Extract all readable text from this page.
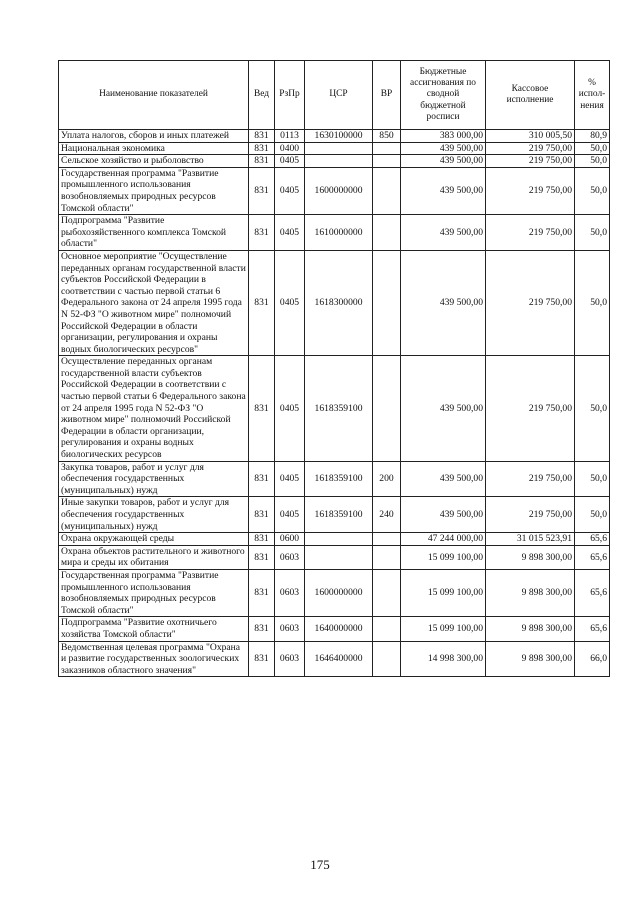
Наименование показателей	Вед	РзПр	ЦСР	ВР	Бюджетные ассигнования по сводной бюджетной росписи	Кассовое исполнение	% испол-нения
Уплата налогов, сборов и иных платежей	831	0113	1630100000	850	383 000,00	310 005,50	80,9
Национальная экономика	831	0400			439 500,00	219 750,00	50,0
Сельское хозяйство и рыболовство	831	0405			439 500,00	219 750,00	50,0
Государственная программа "Развитие промышленного использования возобновляемых природных ресурсов Томской области"	831	0405	1600000000		439 500,00	219 750,00	50,0
Подпрограмма "Развитие рыбохозяйственного комплекса Томской области"	831	0405	1610000000		439 500,00	219 750,00	50,0
Основное мероприятие "Осуществление переданных органам государственной власти субъектов Российской Федерации в соответствии с частью первой статьи 6 Федерального закона от 24 апреля 1995 года N 52-ФЗ "О животном мире" полномочий Российской Федерации в области организации, регулирования и охраны водных биологических ресурсов"	831	0405	1618300000		439 500,00	219 750,00	50,0
Осуществление переданных органам государственной власти субъектов Российской Федерации в соответствии с частью первой статьи 6 Федерального закона от 24 апреля 1995 года N 52-ФЗ "О животном мире" полномочий Российской Федерации в области организации, регулирования и охраны водных биологических ресурсов	831	0405	1618359100		439 500,00	219 750,00	50,0
Закупка товаров, работ и услуг для обеспечения государственных (муниципальных) нужд	831	0405	1618359100	200	439 500,00	219 750,00	50,0
Иные закупки товаров, работ и услуг для обеспечения государственных (муниципальных) нужд	831	0405	1618359100	240	439 500,00	219 750,00	50,0
Охрана окружающей среды	831	0600			47 244 000,00	31 015 523,91	65,6
Охрана объектов растительного и животного мира и среды их обитания	831	0603			15 099 100,00	9 898 300,00	65,6
Государственная программа "Развитие промышленного использования возобновляемых природных ресурсов Томской области"	831	0603	1600000000		15 099 100,00	9 898 300,00	65,6
Подпрограмма "Развитие охотничьего хозяйства Томской области"	831	0603	1640000000		15 099 100,00	9 898 300,00	65,6
Ведомственная целевая программа "Охрана и развитие государственных зоологических заказников областного значения"	831	0603	1646400000		14 998 300,00	9 898 300,00	66,0
175
